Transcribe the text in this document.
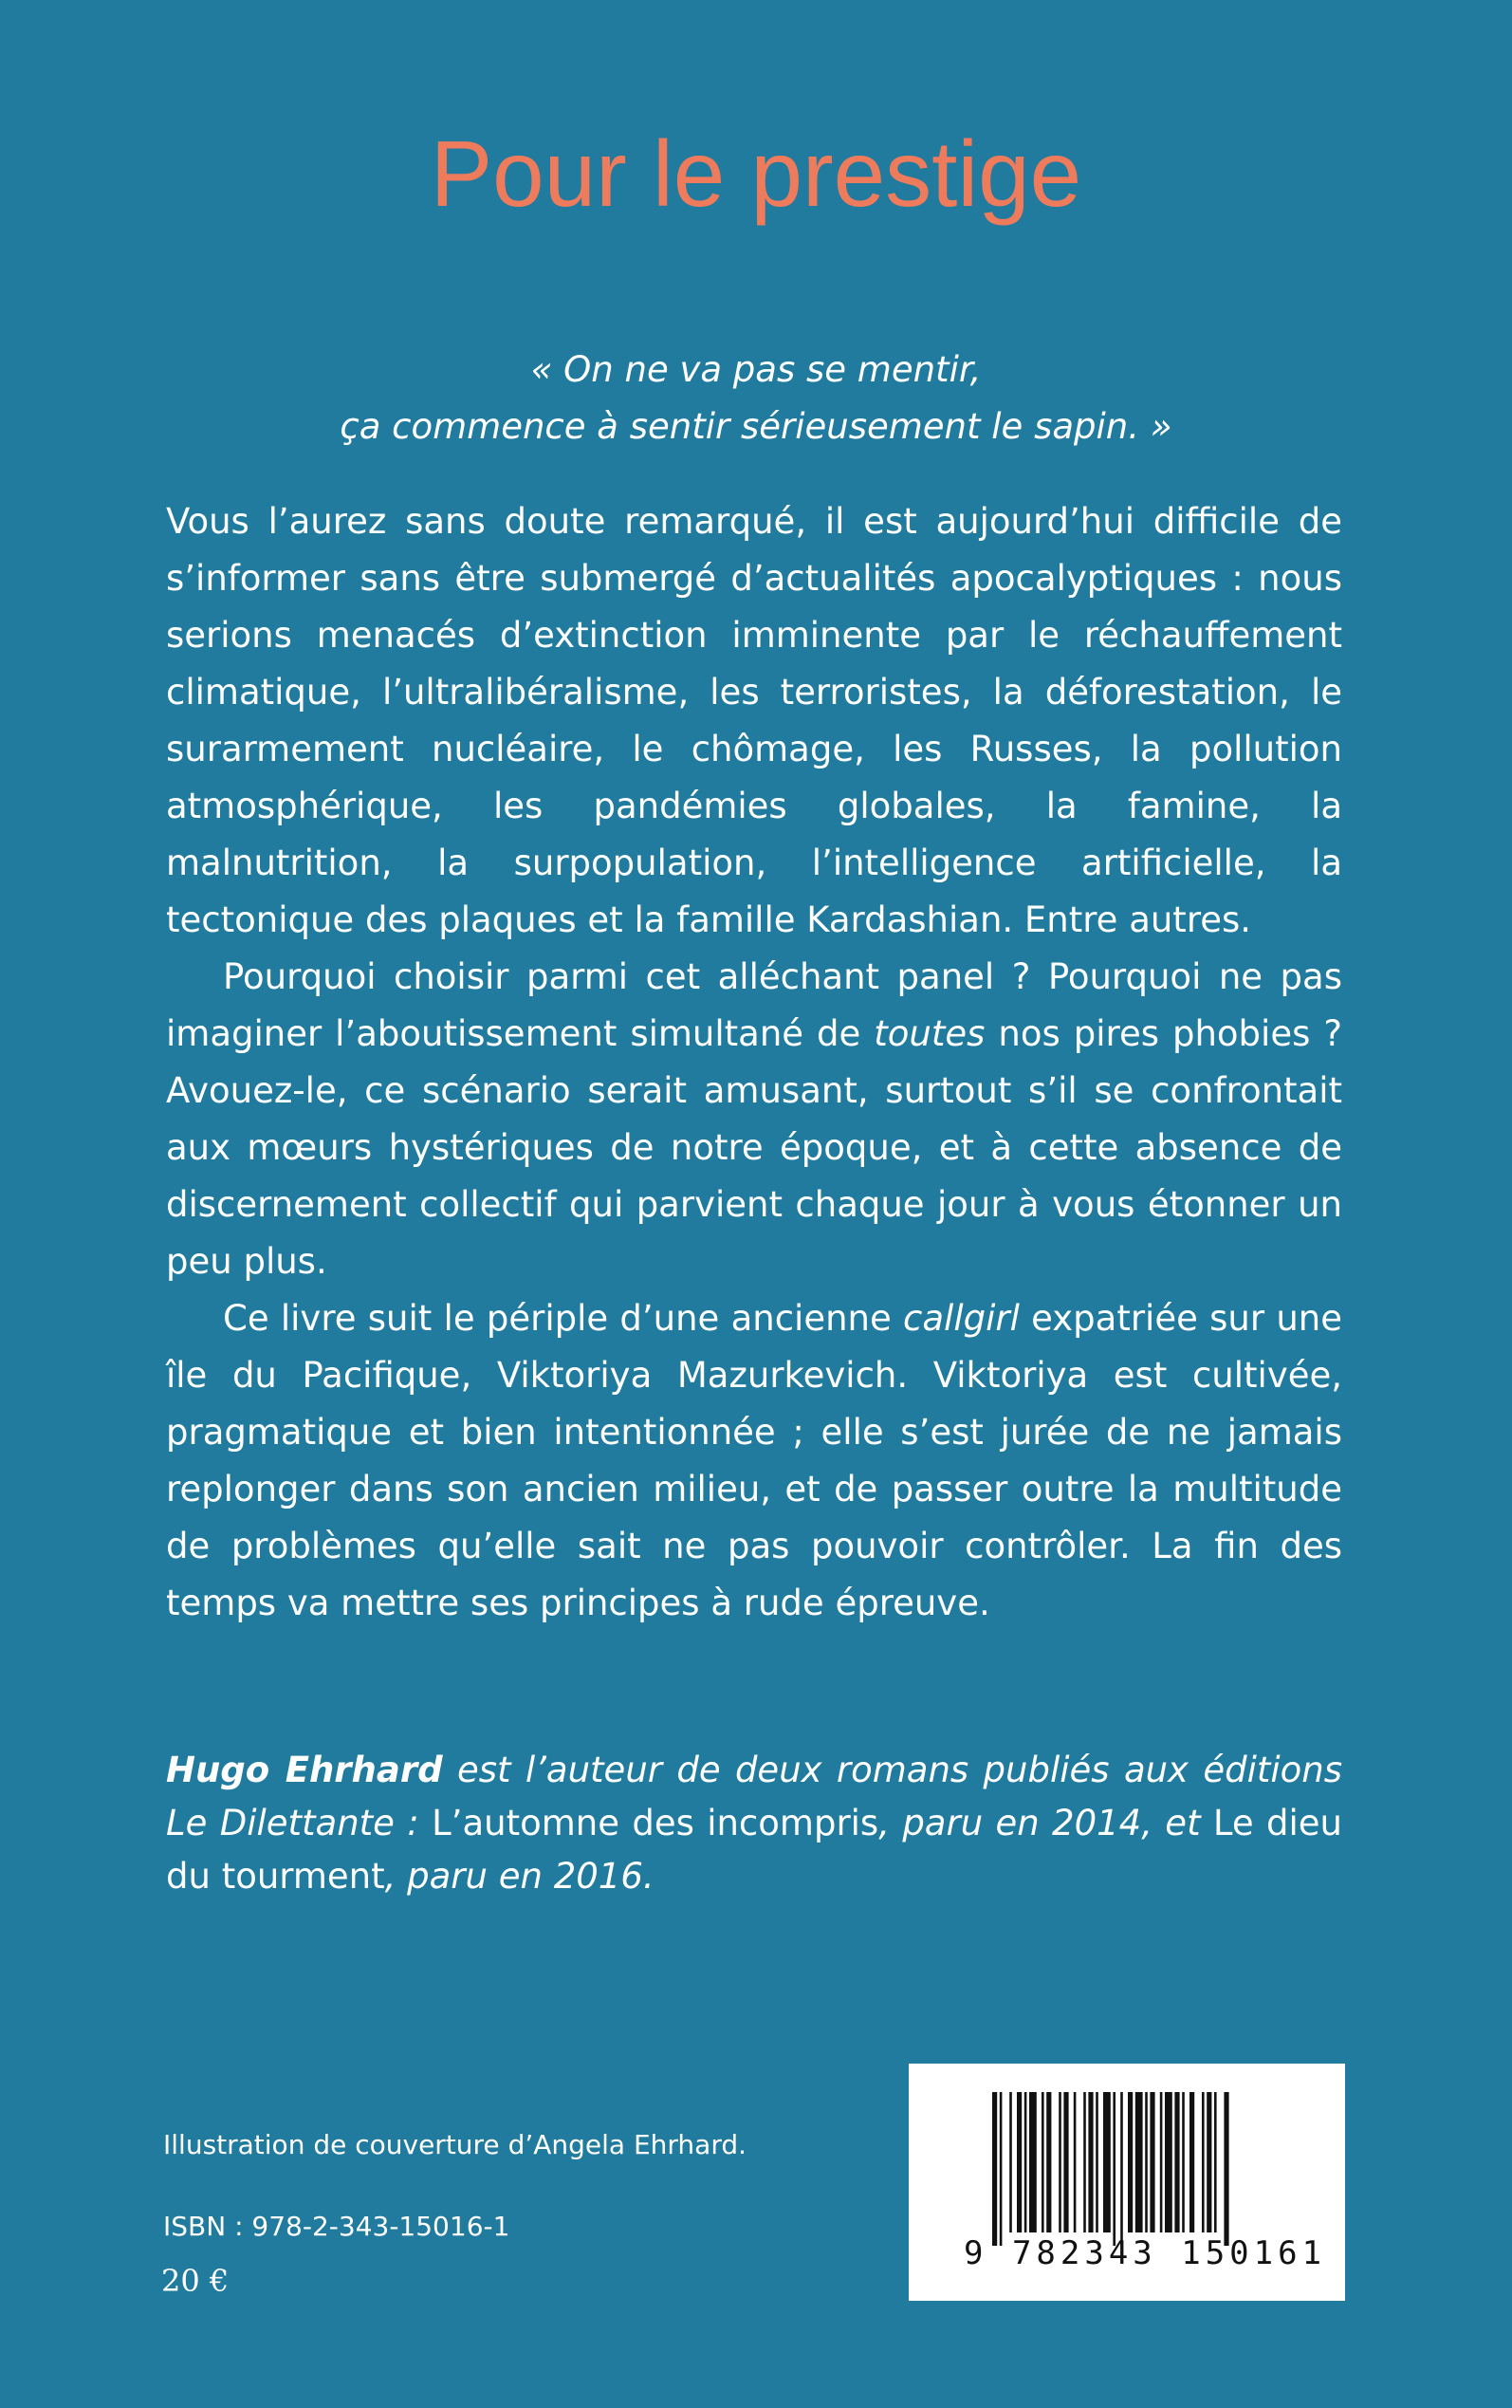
Pour le prestige
« On ne va pas se mentir,
ça commence à sentir sérieusement le sapin. »

Vous l’aurez sans doute remarqué, il est aujourd’hui difficile de s’informer sans être submergé d’actualités apocalyptiques : nous serions menacés d’extinction imminente par le réchauffement climatique, l’ultralibéralisme, les terroristes, la déforestation, le surarmement nucléaire, le chômage, les Russes, la pollution atmosphérique, les pandémies globales, la famine, la malnutrition, la surpopulation, l’intelligence artificielle, la tectonique des plaques et la famille Kardashian. Entre autres.

Pourquoi choisir parmi cet alléchant panel ? Pourquoi ne pas imaginer l’aboutissement simultané de toutes nos pires phobies ? Avouez-le, ce scénario serait amusant, surtout s’il se confrontait aux mœurs hystériques de notre époque, et à cette absence de discernement collectif qui parvient chaque jour à vous étonner un peu plus.

Ce livre suit le périple d’une ancienne callgirl expatriée sur une île du Pacifique, Viktoriya Mazurkevich. Viktoriya est cultivée, pragmatique et bien intentionnée ; elle s’est jurée de ne jamais replonger dans son ancien milieu, et de passer outre la multitude de problèmes qu’elle sait ne pas pouvoir contrôler. La fin des temps va mettre ses principes à rude épreuve.

Hugo Ehrhard est l’auteur de deux romans publiés aux éditions Le Dilettante : L’automne des incompris, paru en 2014, et Le dieu du tourment, paru en 2016.

Illustration de couverture d’Angela Ehrhard.
ISBN : 978-2-343-15016-1
20 €
9 782343 150161
